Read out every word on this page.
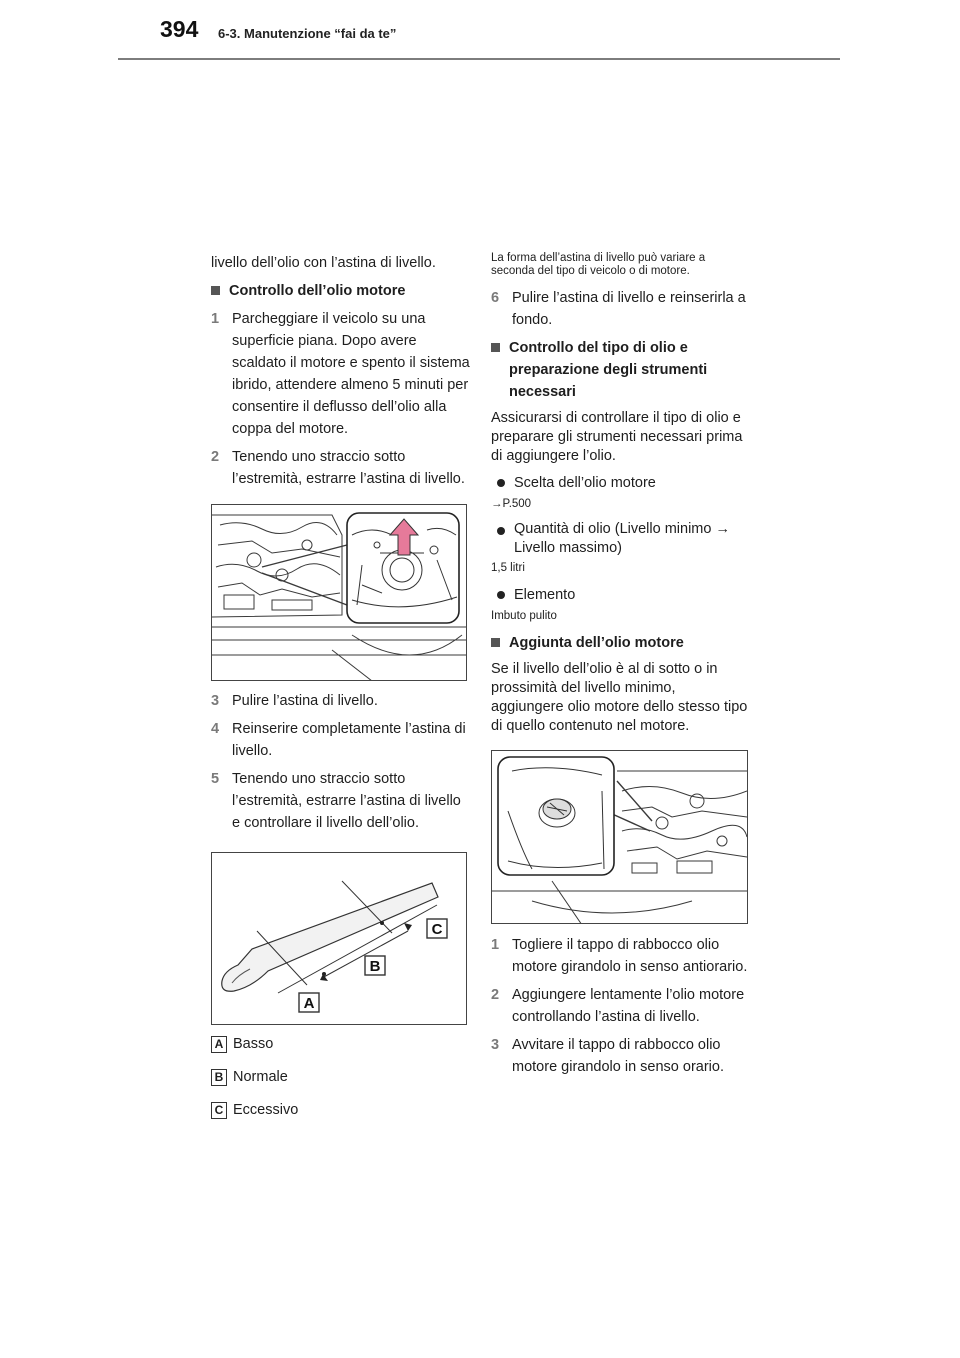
394 6-3. Manutenzione “fai da te”

livello dell’olio con l’astina di livello.

Controllo dell’olio motore
1 Parcheggiare il veicolo su una superficie piana. Dopo avere scaldato il motore e spento il sistema ibrido, attendere almeno 5 minuti per consentire il deflusso dell’olio alla coppa del motore.
2 Tenendo uno straccio sotto l’estremità, estrarre l’astina di livello.
3 Pulire l’astina di livello.
4 Reinserire completamente l’astina di livello.
5 Tenendo uno straccio sotto l’estremità, estrarre l’astina di livello e controllare il livello dell’olio.
C
B
A
A Basso
B Normale
C Eccessivo

La forma dell’astina di livello può variare a seconda del tipo di veicolo o di motore.

6 Pulire l’astina di livello e reinserirla a fondo.
Controllo del tipo di olio e preparazione degli strumenti necessari

Assicurarsi di controllare il tipo di olio e preparare gli strumenti necessari prima di aggiungere l’olio.

Scelta dell’olio motore

→P.500

Quantità di olio (Livello minimo → Livello massimo)

1,5 litri

Elemento

Imbuto pulito

Aggiunta dell’olio motore

Se il livello dell’olio è al di sotto o in prossimità del livello minimo, aggiungere olio motore dello stesso tipo di quello contenuto nel motore.

1 Togliere il tappo di rabbocco olio motore girandolo in senso antiorario.
2 Aggiungere lentamente l’olio motore controllando l’astina di livello.
3 Avvitare il tappo di rabbocco olio motore girandolo in senso orario.
